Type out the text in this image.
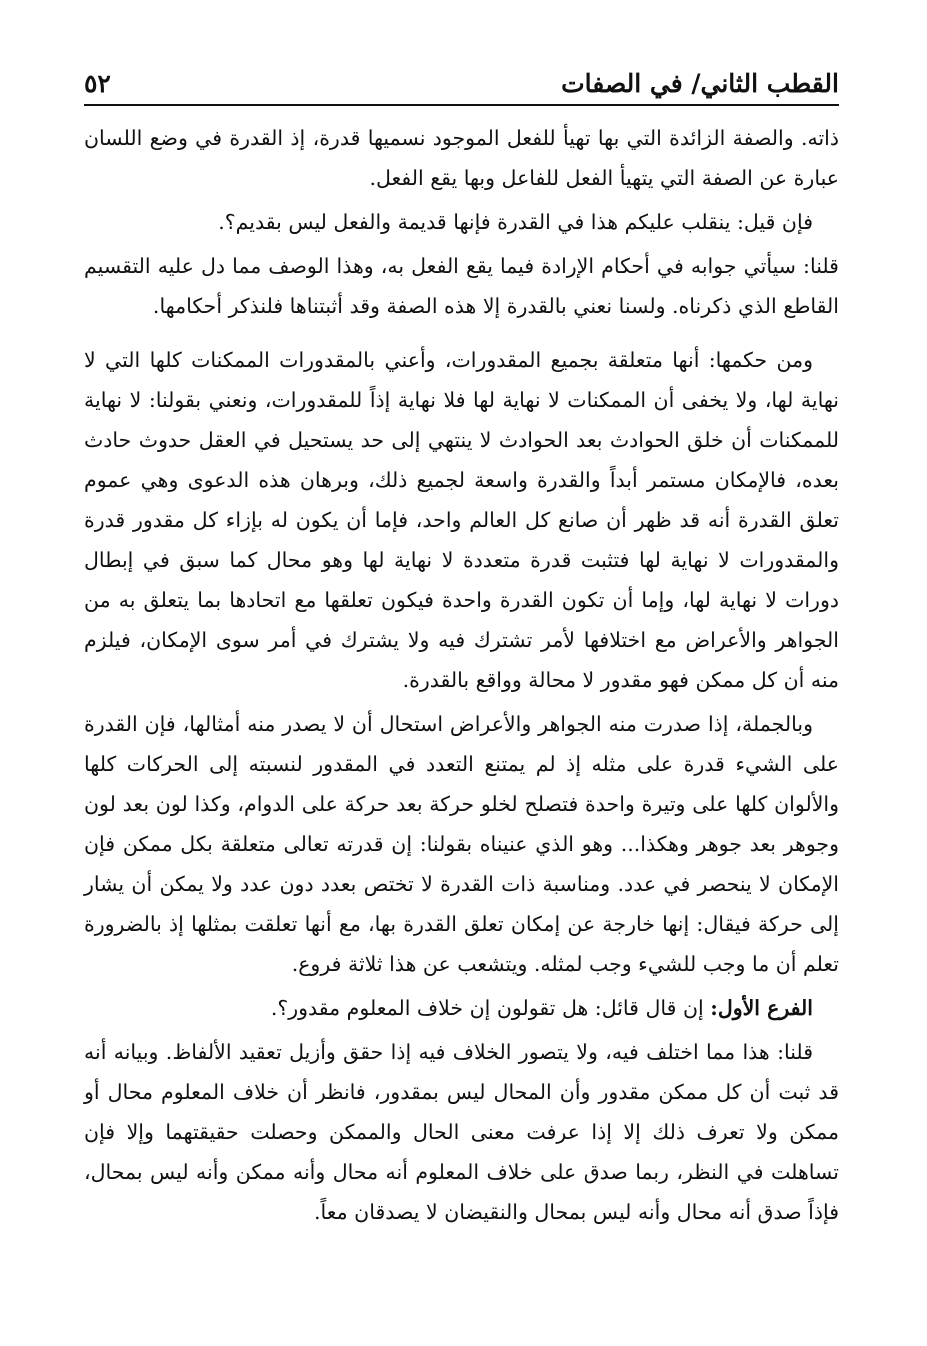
القطب الثاني/ في الصفات
٥٢

ذاته. والصفة الزائدة التي بها تهيأ للفعل الموجود نسميها قدرة، إذ القدرة في وضع اللسان عبارة عن الصفة التي يتهيأ الفعل للفاعل وبها يقع الفعل.

فإن قيل: ينقلب عليكم هذا في القدرة فإنها قديمة والفعل ليس بقديم؟.

قلنا: سيأتي جوابه في أحكام الإرادة فيما يقع الفعل به، وهذا الوصف مما دل عليه التقسيم القاطع الذي ذكرناه. ولسنا نعني بالقدرة إلا هذه الصفة وقد أثبتناها فلنذكر أحكامها.

ومن حكمها: أنها متعلقة بجميع المقدورات، وأعني بالمقدورات الممكنات كلها التي لا نهاية لها، ولا يخفى أن الممكنات لا نهاية لها فلا نهاية إذاً للمقدورات، ونعني بقولنا: لا نهاية للممكنات أن خلق الحوادث بعد الحوادث لا ينتهي إلى حد يستحيل في العقل حدوث حادث بعده، فالإمكان مستمر أبداً والقدرة واسعة لجميع ذلك، وبرهان هذه الدعوى وهي عموم تعلق القدرة أنه قد ظهر أن صانع كل العالم واحد، فإما أن يكون له بإزاء كل مقدور قدرة والمقدورات لا نهاية لها فتثبت قدرة متعددة لا نهاية لها وهو محال كما سبق في إبطال دورات لا نهاية لها، وإما أن تكون القدرة واحدة فيكون تعلقها مع اتحادها بما يتعلق به من الجواهر والأعراض مع اختلافها لأمر تشترك فيه ولا يشترك في أمر سوى الإمكان، فيلزم منه أن كل ممكن فهو مقدور لا محالة وواقع بالقدرة.

وبالجملة، إذا صدرت منه الجواهر والأعراض استحال أن لا يصدر منه أمثالها، فإن القدرة على الشيء قدرة على مثله إذ لم يمتنع التعدد في المقدور لنسبته إلى الحركات كلها والألوان كلها على وتيرة واحدة فتصلح لخلو حركة بعد حركة على الدوام، وكذا لون بعد لون وجوهر بعد جوهر وهكذا... وهو الذي عنيناه بقولنا: إن قدرته تعالى متعلقة بكل ممكن فإن الإمكان لا ينحصر في عدد. ومناسبة ذات القدرة لا تختص بعدد دون عدد ولا يمكن أن يشار إلى حركة فيقال: إنها خارجة عن إمكان تعلق القدرة بها، مع أنها تعلقت بمثلها إذ بالضرورة تعلم أن ما وجب للشيء وجب لمثله. ويتشعب عن هذا ثلاثة فروع.

الفرع الأول: إن قال قائل: هل تقولون إن خلاف المعلوم مقدور؟.

قلنا: هذا مما اختلف فيه، ولا يتصور الخلاف فيه إذا حقق وأزيل تعقيد الألفاظ. وبيانه أنه قد ثبت أن كل ممكن مقدور وأن المحال ليس بمقدور، فانظر أن خلاف المعلوم محال أو ممكن ولا تعرف ذلك إلا إذا عرفت معنى الحال والممكن وحصلت حقيقتهما وإلا فإن تساهلت في النظر، ربما صدق على خلاف المعلوم أنه محال وأنه ممكن وأنه ليس بمحال، فإذاً صدق أنه محال وأنه ليس بمحال والنقيضان لا يصدقان معاً.
